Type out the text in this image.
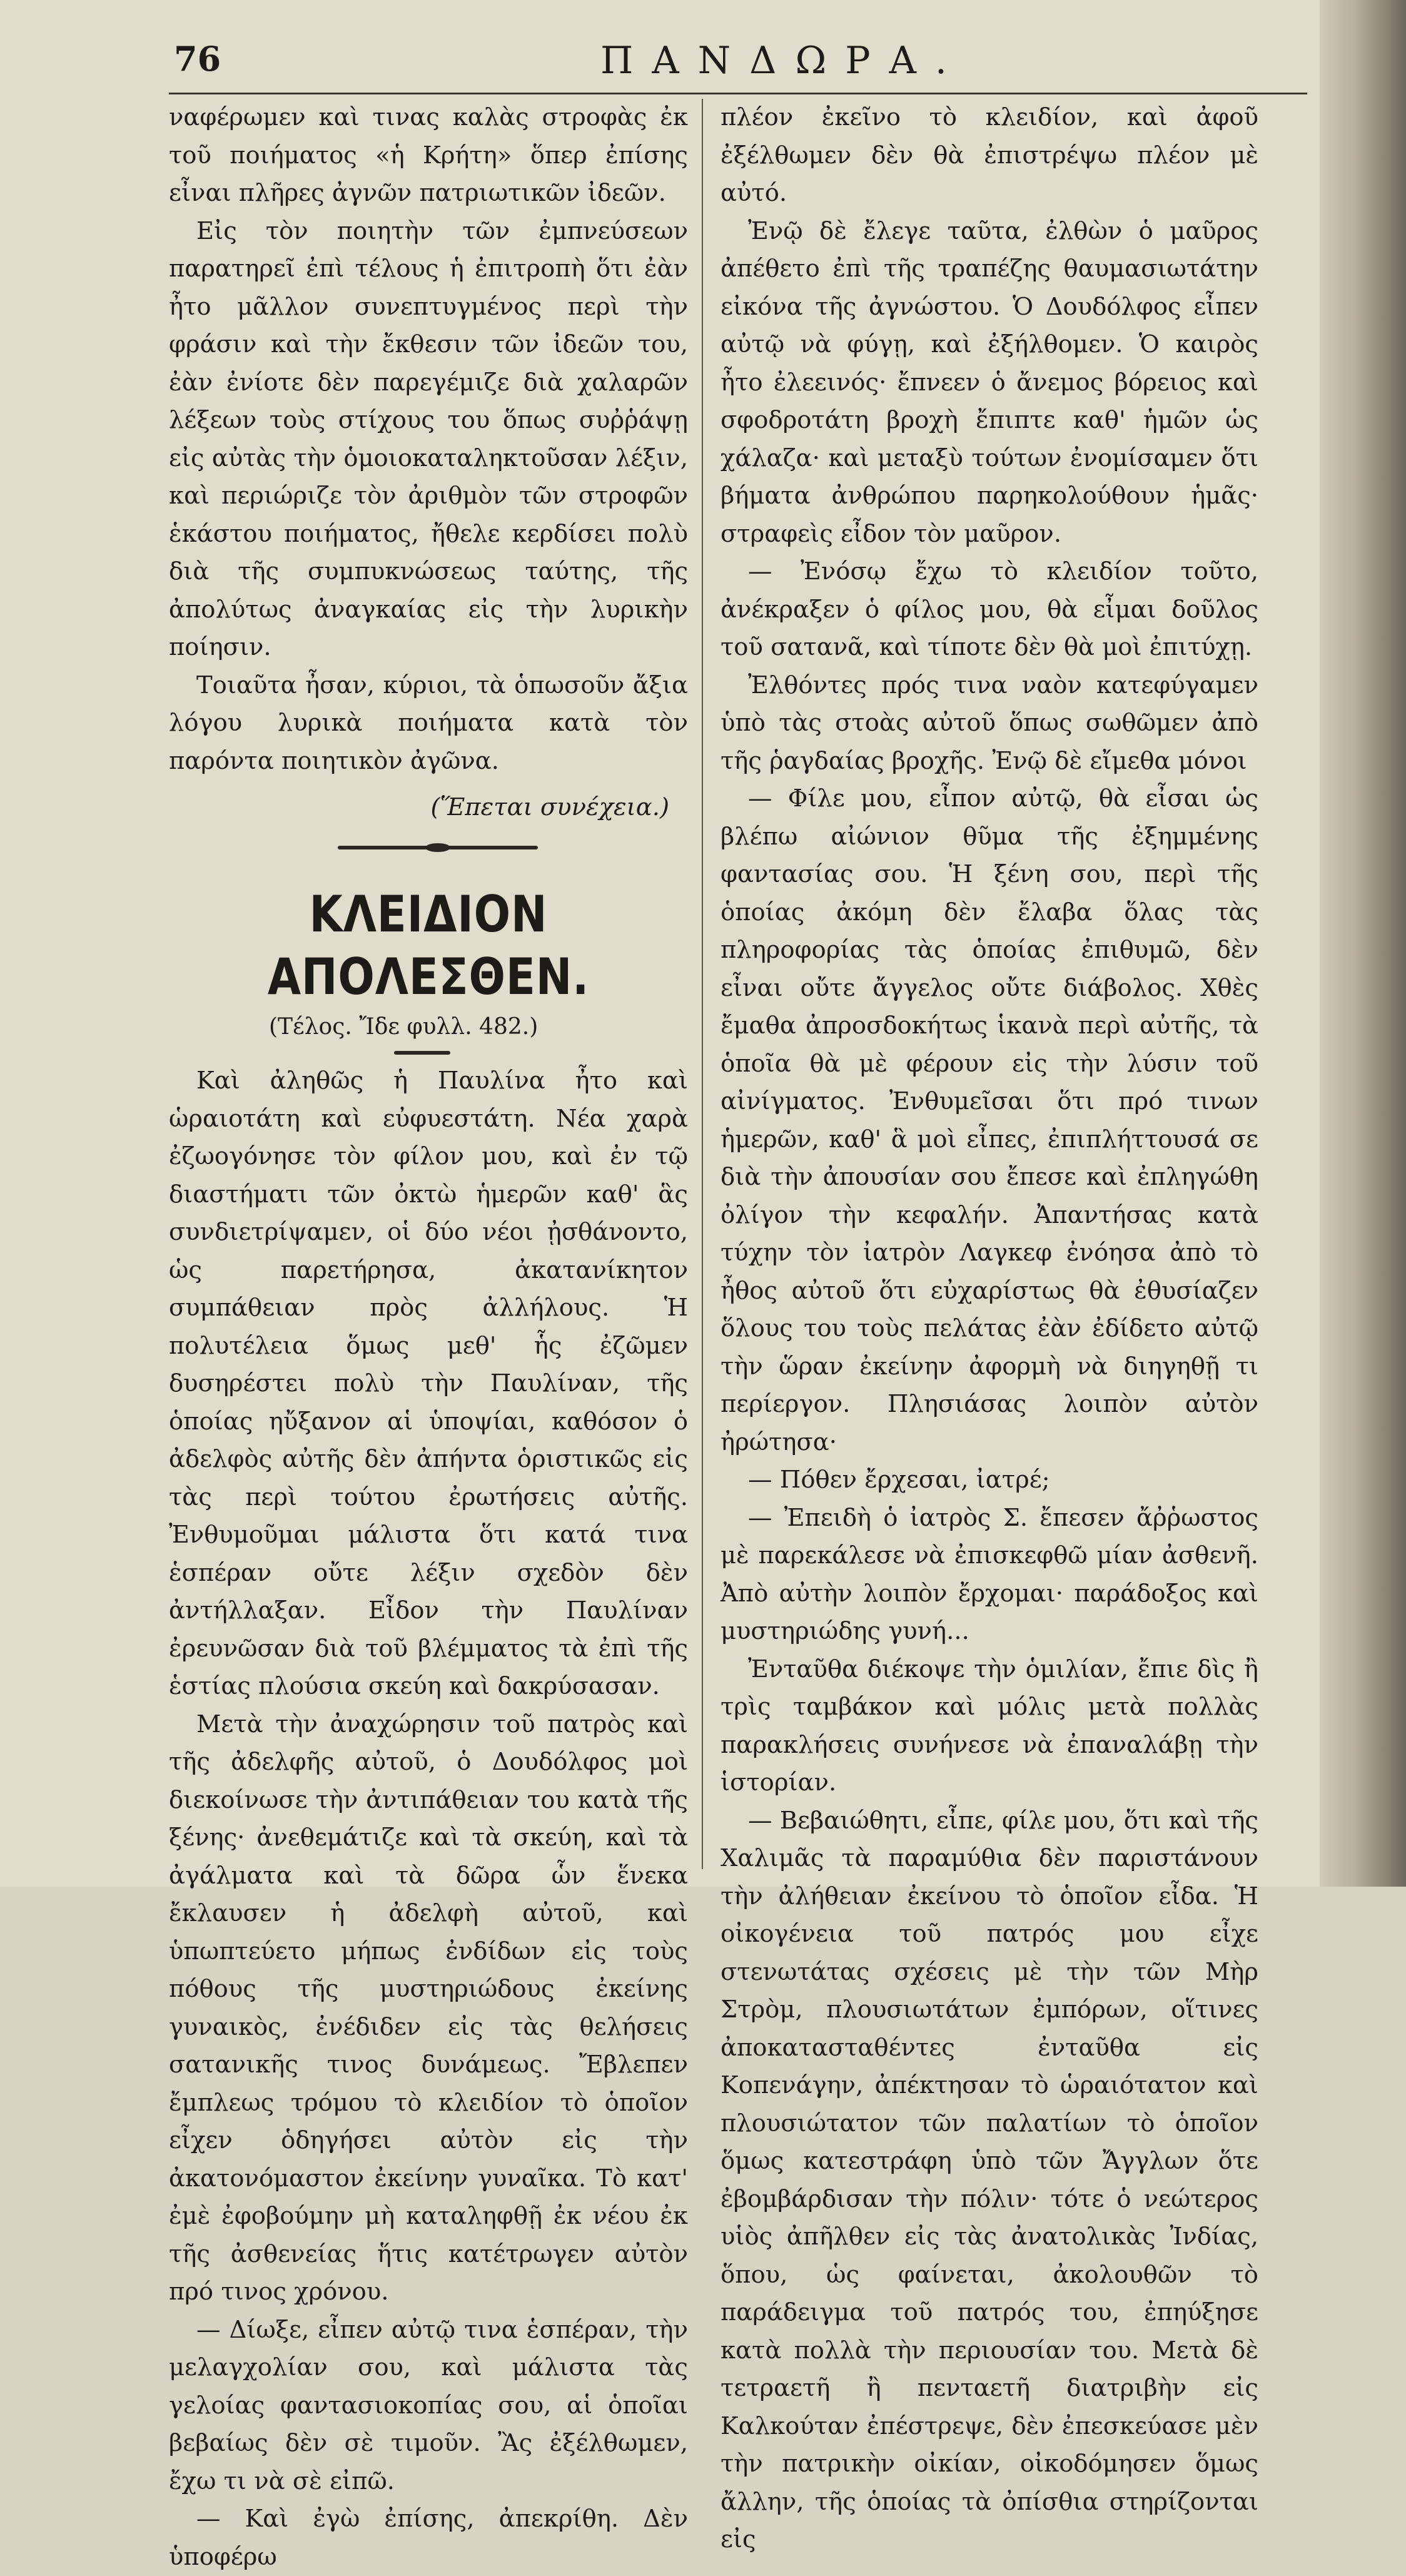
76	ΠΑΝΔΩΡΑ.

ναφέρωμεν καὶ τινας καλὰς στροφὰς ἐκ τοῦ ποιήματος «ἡ Κρήτη» ὅπερ ἐπίσης εἶναι πλῆρες ἀγνῶν πατριωτικῶν ἰδεῶν.

Εἰς τὸν ποιητὴν τῶν ἐμπνεύσεων παρατηρεῖ ἐπὶ τέλους ἡ ἐπιτροπὴ ὅτι ἐὰν ἦτο μᾶλλον συνεπτυγμένος περὶ τὴν φράσιν καὶ τὴν ἔκθεσιν τῶν ἰδεῶν του, ἐὰν ἐνίοτε δὲν παρεγέμιζε διὰ χαλαρῶν λέξεων τοὺς στίχους του ὅπως συῤῥάψῃ εἰς αὐτὰς τὴν ὁμοιοκαταληκτοῦσαν λέξιν, καὶ περιώριζε τὸν ἀριθμὸν τῶν στροφῶν ἑκάστου ποιήματος, ἤθελε κερδίσει πολὺ διὰ τῆς συμπυκνώσεως ταύτης, τῆς ἀπολύτως ἀναγκαίας εἰς τὴν λυρικὴν ποίησιν.

Τοιαῦτα ἦσαν, κύριοι, τὰ ὁπωσοῦν ἄξια λόγου λυρικὰ ποιήματα κατὰ τὸν παρόντα ποιητικὸν ἀγῶνα.

(Ἕπεται συνέχεια.)

ΚΛΕΙΔΙΟΝ ΑΠΟΛΕΣΘΕΝ.

(Τέλος. Ἴδε φυλλ. 482.)

Καὶ ἀληθῶς ἡ Παυλίνα ἦτο καὶ ὡραιοτάτη καὶ εὐφυεστάτη. Νέα χαρὰ ἐζωογόνησε τὸν φίλον μου, καὶ ἐν τῷ διαστήματι τῶν ὀκτὼ ἡμερῶν καθ' ἃς συνδιετρίψαμεν, οἱ δύο νέοι ᾐσθάνοντο, ὡς παρετήρησα, ἀκατανίκητον συμπάθειαν πρὸς ἀλλήλους. Ἡ πολυτέλεια ὅμως μεθ' ἧς ἐζῶμεν δυσηρέστει πολὺ τὴν Παυλίναν, τῆς ὁποίας ηὔξανον αἱ ὑποψίαι, καθόσον ὁ ἀδελφὸς αὐτῆς δὲν ἀπήντα ὁριστικῶς εἰς τὰς περὶ τούτου ἐρωτήσεις αὐτῆς. Ἐνθυμοῦμαι μάλιστα ὅτι κατά τινα ἑσπέραν οὔτε λέξιν σχεδὸν δὲν ἀντήλλαξαν. Εἶδον τὴν Παυλίναν ἐρευνῶσαν διὰ τοῦ βλέμματος τὰ ἐπὶ τῆς ἑστίας πλούσια σκεύη καὶ δακρύσασαν.

Μετὰ τὴν ἀναχώρησιν τοῦ πατρὸς καὶ τῆς ἀδελφῆς αὐτοῦ, ὁ Δουδόλφος μοὶ διεκοίνωσε τὴν ἀντιπάθειαν του κατὰ τῆς ξένης· ἀνεθεμάτιζε καὶ τὰ σκεύη, καὶ τὰ ἀγάλματα καὶ τὰ δῶρα ὧν ἕνεκα ἔκλαυσεν ἡ ἀδελφὴ αὐτοῦ, καὶ ὑπωπτεύετο μήπως ἐνδίδων εἰς τοὺς πόθους τῆς μυστηριώδους ἐκείνης γυναικὸς, ἐνέδιδεν εἰς τὰς θελήσεις σατανικῆς τινος δυνάμεως. Ἔβλεπεν ἔμπλεως τρόμου τὸ κλειδίον τὸ ὁποῖον εἶχεν ὁδηγήσει αὐτὸν εἰς τὴν ἀκατονόμαστον ἐκείνην γυναῖκα. Τὸ κατ' ἐμὲ ἐφοβούμην μὴ καταληφθῇ ἐκ νέου ἐκ τῆς ἀσθενείας ἥτις κατέτρωγεν αὐτὸν πρό τινος χρόνου.

— Δίωξε, εἶπεν αὐτῷ τινα ἑσπέραν, τὴν μελαγχολίαν σου, καὶ μάλιστα τὰς γελοίας φαντασιοκοπίας σου, αἱ ὁποῖαι βεβαίως δὲν σὲ τιμοῦν. Ἂς ἐξέλθωμεν, ἔχω τι νὰ σὲ εἰπῶ.

— Καὶ ἐγὼ ἐπίσης, ἀπεκρίθη. Δὲν ὑποφέρω

πλέον ἐκεῖνο τὸ κλειδίον, καὶ ἀφοῦ ἐξέλθωμεν δὲν θὰ ἐπιστρέψω πλέον μὲ αὐτό.

Ἐνῷ δὲ ἔλεγε ταῦτα, ἐλθὼν ὁ μαῦρος ἀπέθετο ἐπὶ τῆς τραπέζης θαυμασιωτάτην εἰκόνα τῆς ἀγνώστου. Ὁ Δουδόλφος εἶπεν αὐτῷ νὰ φύγῃ, καὶ ἐξήλθομεν. Ὁ καιρὸς ἦτο ἐλεεινός· ἔπνεεν ὁ ἄνεμος βόρειος καὶ σφοδροτάτη βροχὴ ἔπιπτε καθ' ἡμῶν ὡς χάλαζα· καὶ μεταξὺ τούτων ἐνομίσαμεν ὅτι βήματα ἀνθρώπου παρηκολούθουν ἡμᾶς· στραφεὶς εἶδον τὸν μαῦρον.

— Ἐνόσῳ ἔχω τὸ κλειδίον τοῦτο, ἀνέκραξεν ὁ φίλος μου, θὰ εἶμαι δοῦλος τοῦ σατανᾶ, καὶ τίποτε δὲν θὰ μοὶ ἐπιτύχῃ.

Ἐλθόντες πρός τινα ναὸν κατεφύγαμεν ὑπὸ τὰς στοὰς αὐτοῦ ὅπως σωθῶμεν ἀπὸ τῆς ῥαγδαίας βροχῆς. Ἐνῷ δὲ εἴμεθα μόνοι

— Φίλε μου, εἶπον αὐτῷ, θὰ εἶσαι ὡς βλέπω αἰώνιον θῦμα τῆς ἐξημμένης φαντασίας σου. Ἡ ξένη σου, περὶ τῆς ὁποίας ἀκόμη δὲν ἔλαβα ὅλας τὰς πληροφορίας τὰς ὁποίας ἐπιθυμῶ, δὲν εἶναι οὔτε ἄγγελος οὔτε διάβολος. Χθὲς ἔμαθα ἀπροσδοκήτως ἱκανὰ περὶ αὐτῆς, τὰ ὁποῖα θὰ μὲ φέρουν εἰς τὴν λύσιν τοῦ αἰνίγματος. Ἐνθυμεῖσαι ὅτι πρό τινων ἡμερῶν, καθ' ἃ μοὶ εἶπες, ἐπιπλήττουσά σε διὰ τὴν ἀπουσίαν σου ἔπεσε καὶ ἐπληγώθη ὀλίγον τὴν κεφαλήν. Ἀπαντήσας κατὰ τύχην τὸν ἰατρὸν Λαγκεφ ἐνόησα ἀπὸ τὸ ἦθος αὐτοῦ ὅτι εὐχαρίστως θὰ ἐθυσίαζεν ὅλους του τοὺς πελάτας ἐὰν ἐδίδετο αὐτῷ τὴν ὥραν ἐκείνην ἀφορμὴ νὰ διηγηθῇ τι περίεργον. Πλησιάσας λοιπὸν αὐτὸν ἠρώτησα·

— Πόθεν ἔρχεσαι, ἰατρέ;

— Ἐπειδὴ ὁ ἰατρὸς Σ. ἔπεσεν ἄῤῥωστος μὲ παρεκάλεσε νὰ ἐπισκεφθῶ μίαν ἀσθενῆ. Ἀπὸ αὐτὴν λοιπὸν ἔρχομαι· παράδοξος καὶ μυστηριώδης γυνή...

Ἐνταῦθα διέκοψε τὴν ὁμιλίαν, ἔπιε δὶς ἢ τρὶς ταμβάκον καὶ μόλις μετὰ πολλὰς παρακλήσεις συνήνεσε νὰ ἐπαναλάβῃ τὴν ἱστορίαν.

— Βεβαιώθητι, εἶπε, φίλε μου, ὅτι καὶ τῆς Χαλιμᾶς τὰ παραμύθια δὲν παριστάνουν τὴν ἀλήθειαν ἐκείνου τὸ ὁποῖον εἶδα. Ἡ οἰκογένεια τοῦ πατρός μου εἶχε στενωτάτας σχέσεις μὲ τὴν τῶν Μὴρ Στρὸμ, πλουσιωτάτων ἐμπόρων, οἵτινες ἀποκατασταθέντες ἐνταῦθα εἰς Κοπενάγην, ἀπέκτησαν τὸ ὡραιότατον καὶ πλουσιώτατον τῶν παλατίων τὸ ὁποῖον ὅμως κατεστράφη ὑπὸ τῶν Ἄγγλων ὅτε ἐβομβάρδισαν τὴν πόλιν· τότε ὁ νεώτερος υἱὸς ἀπῆλθεν εἰς τὰς ἀνατολικὰς Ἰνδίας, ὅπου, ὡς φαίνεται, ἀκολουθῶν τὸ παράδειγμα τοῦ πατρός του, ἐπηύξησε κατὰ πολλὰ τὴν περιουσίαν του. Μετὰ δὲ τετραετῆ ἢ πενταετῆ διατριβὴν εἰς Καλκούταν ἐπέστρεψε, δὲν ἐπεσκεύασε μὲν τὴν πατρικὴν οἰκίαν, οἰκοδόμησεν ὅμως ἄλλην, τῆς ὁποίας τὰ ὀπίσθια στηρίζονται εἰς
